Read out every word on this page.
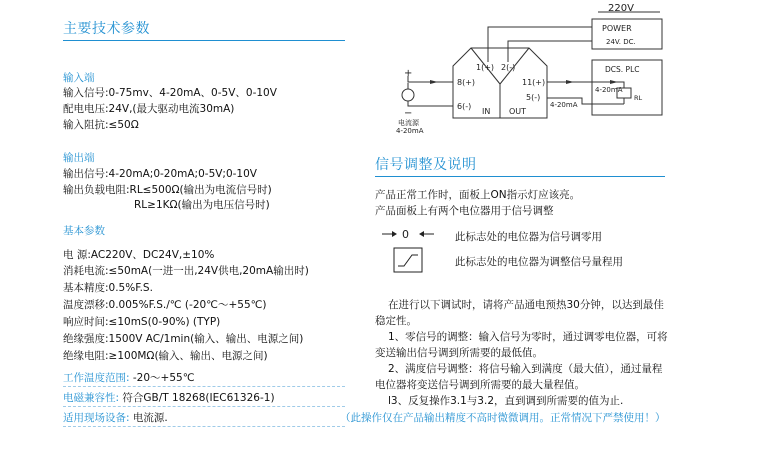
主要技术参数
输入端
输入信号:0-75mv、4-20mA、0-5V、0-10V
配电电压:24V,(最大驱动电流30mA)
输入阻抗:≤50Ω
输出端
输出信号:4-20mA;0-20mA;0-5V;0-10V
输出负载电阻:RL≤500Ω(输出为电流信号时)
RL≥1KΩ(输出为电压信号时)
基本参数
电 源:AC220V、DC24V,±10%
消耗电流:≤50mA(一进一出,24V供电,20mA输出时)
基本精度:0.5%F.S.
温度漂移:0.005%F.S./℃ (-20℃～+55℃)
响应时间:≤10mS(0-90%) (TYP)
绝缘强度:1500V AC/1min(输入、输出、电源之间)
绝缘电阻:≥100MΩ(输入、输出、电源之间)
工作温度范围: -20～+55℃
电磁兼容性: 符合GB/T 18268(IEC61326-1)
适用现场设备: 电流源.
220V
POWER
24V. DC.
DCS. PLC
1(+) 2(-)
8(+)
6(-)
11(+)
5(-)
IN OUT
+
−
4-20mA
4-20mA
RL
电流源
4-20mA
信号调整及说明
产品正常工作时，面板上ON指示灯应该亮。
产品面板上有两个电位器用于信号调整
0	此标志处的电位器为信号调零用
此标志处的电位器为调整信号量程用
在进行以下调试时，请将产品通电预热30分钟，以达到最佳
稳定性。
1、零信号的调整：输入信号为零时，通过调零电位器，可将
变送输出信号调到所需要的最低值。
2、满度信号调整：将信号输入到满度（最大值），通过量程
电位器将变送信号调到所需要的最大量程值。
l3、反复操作3.1与3.2，直到调到所需要的值为止.
（此操作仅在产品输出精度不高时微微调用。正常情况下严禁使用！）
